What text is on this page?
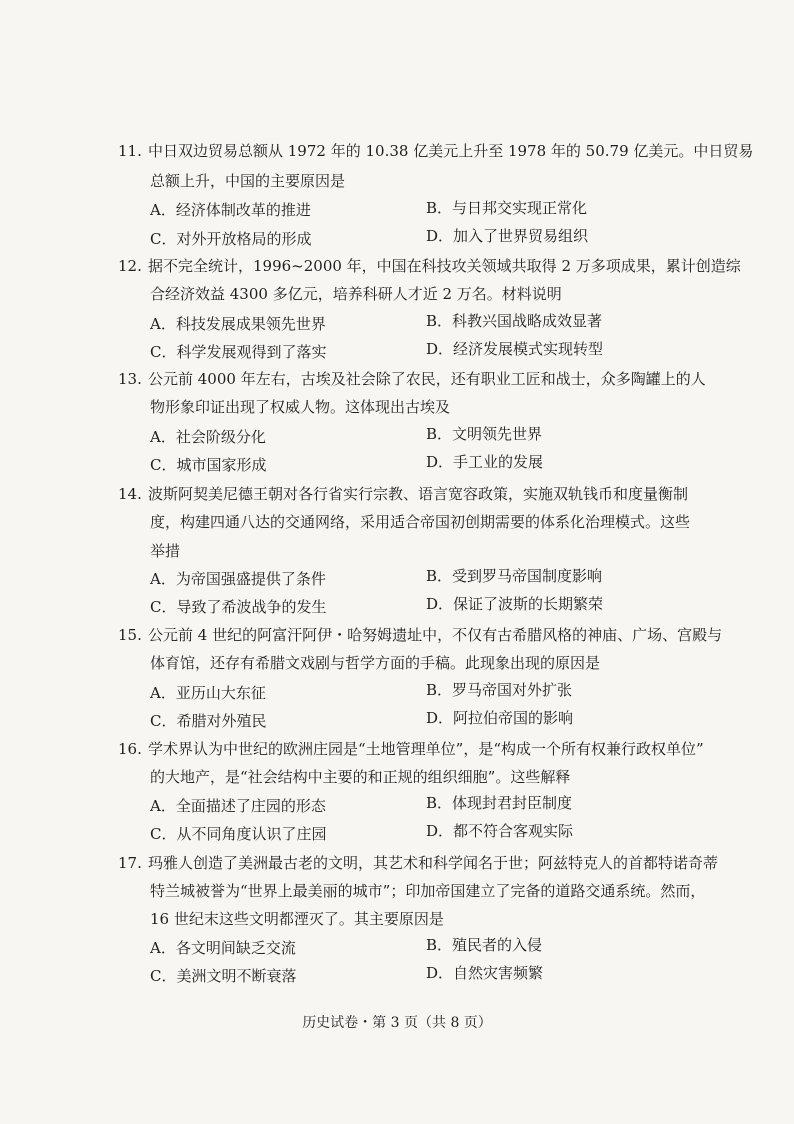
11. 中日双边贸易总额从 1972 年的 10.38 亿美元上升至 1978 年的 50.79 亿美元。中日贸易
总额上升，中国的主要原因是
A．经济体制改革的推进	B．与日邦交实现正常化
C．对外开放格局的形成	D．加入了世界贸易组织
12. 据不完全统计，1996~2000 年，中国在科技攻关领域共取得 2 万多项成果，累计创造综
合经济效益 4300 多亿元，培养科研人才近 2 万名。材料说明
A．科技发展成果领先世界	B．科教兴国战略成效显著
C．科学发展观得到了落实	D．经济发展模式实现转型
13. 公元前 4000 年左右，古埃及社会除了农民，还有职业工匠和战士，众多陶罐上的人
物形象印证出现了权威人物。这体现出古埃及
A．社会阶级分化	B．文明领先世界
C．城市国家形成	D．手工业的发展
14. 波斯阿契美尼德王朝对各行省实行宗教、语言宽容政策，实施双轨钱币和度量衡制
度，构建四通八达的交通网络，采用适合帝国初创期需要的体系化治理模式。这些
举措
A．为帝国强盛提供了条件	B．受到罗马帝国制度影响
C．导致了希波战争的发生	D．保证了波斯的长期繁荣
15. 公元前 4 世纪的阿富汗阿伊・哈努姆遗址中，不仅有古希腊风格的神庙、广场、宫殿与
体育馆，还存有希腊文戏剧与哲学方面的手稿。此现象出现的原因是
A．亚历山大东征	B．罗马帝国对外扩张
C．希腊对外殖民	D．阿拉伯帝国的影响
16. 学术界认为中世纪的欧洲庄园是“土地管理单位”，是“构成一个所有权兼行政权单位”
的大地产，是“社会结构中主要的和正规的组织细胞”。这些解释
A．全面描述了庄园的形态	B．体现封君封臣制度
C．从不同角度认识了庄园	D．都不符合客观实际
17. 玛雅人创造了美洲最古老的文明，其艺术和科学闻名于世；阿兹特克人的首都特诺奇蒂
特兰城被誉为“世界上最美丽的城市”；印加帝国建立了完备的道路交通系统。然而，
16 世纪末这些文明都湮灭了。其主要原因是
A．各文明间缺乏交流	B．殖民者的入侵
C．美洲文明不断衰落	D．自然灾害频繁
历史试卷・第 3 页（共 8 页）
